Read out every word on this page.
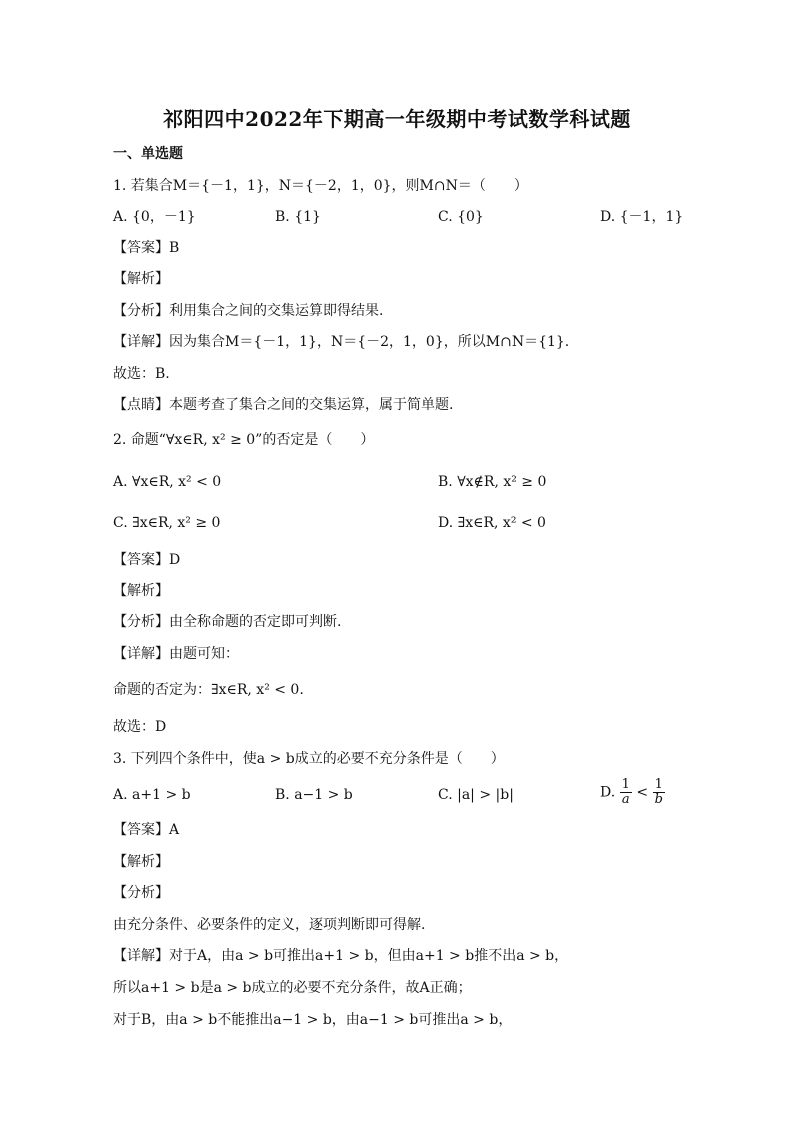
祁阳四中2022年下期高一年级期中考试数学科试题
一、单选题
1. 若集合M＝{－1，1}，N＝{－2，1，0}，则M∩N＝（　　）
A. {0，－1}	B. {1}	C. {0}	D. {－1，1}
【答案】B
【解析】
【分析】利用集合之间的交集运算即得结果.
【详解】因为集合M＝{－1，1}，N＝{－2，1，0}，所以M∩N＝{1}.
故选：B.
【点睛】本题考查了集合之间的交集运算，属于简单题.
2. 命题“∀x∈R, x² ≥ 0”的否定是（　　）
A. ∀x∈R, x² < 0	B. ∀x∉R, x² ≥ 0
C. ∃x∈R, x² ≥ 0	D. ∃x∈R, x² < 0
【答案】D
【解析】
【分析】由全称命题的否定即可判断.
【详解】由题可知：
命题的否定为：∃x∈R, x² < 0.
故选：D
3. 下列四个条件中，使a > b成立的必要不充分条件是（　　）
A. a+1 > b	B. a−1 > b	C. |a| > |b|	D. $\frac{1}{a} < \frac{1}{b}$
【答案】A
【解析】
【分析】
由充分条件、必要条件的定义，逐项判断即可得解.
【详解】对于A，由a > b可推出a+1 > b，但由a+1 > b推不出a > b，
所以a+1 > b是a > b成立的必要不充分条件，故A正确；
对于B，由a > b不能推出a−1 > b，由a−1 > b可推出a > b，
